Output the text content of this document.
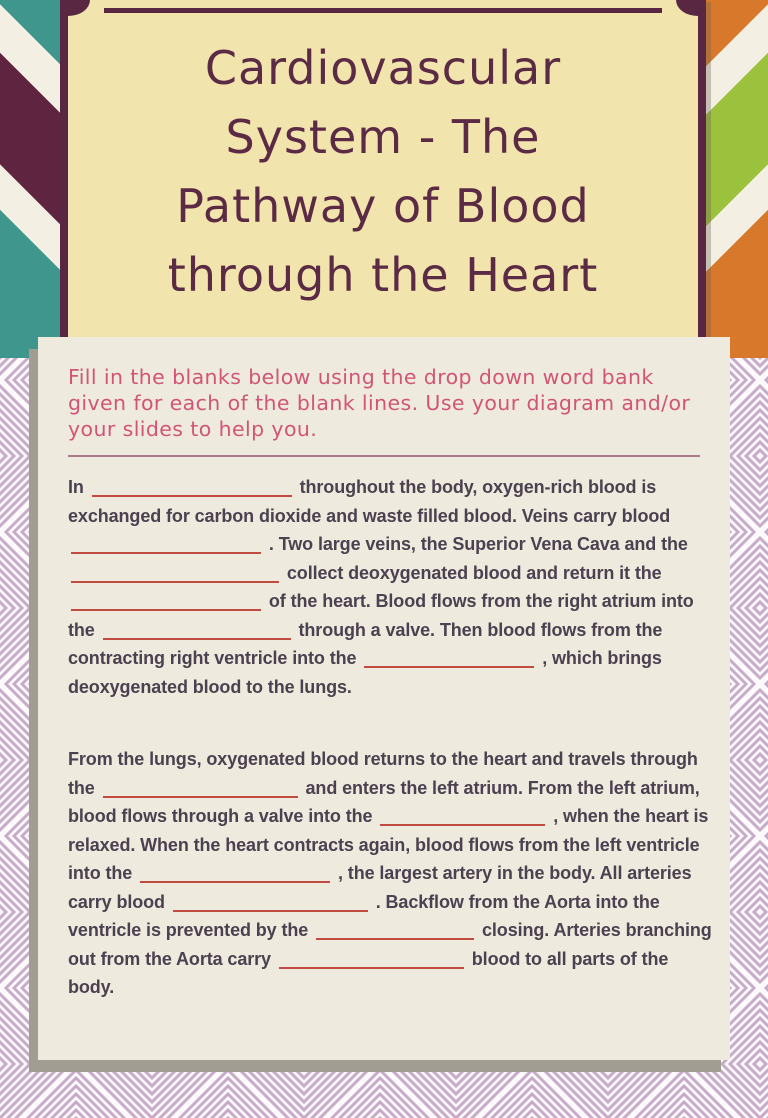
Cardiovascular
System - The
Pathway of Blood
through the Heart

Fill in the blanks below using the drop down word bank given for each of the blank lines. Use your diagram and/or your slides to help you.

In	throughout the body, oxygen-rich blood is exchanged for carbon dioxide and waste filled blood. Veins carry blood  . Two large veins, the Superior Vena Cava and the  collect deoxygenated blood and return it the  of the heart. Blood flows from the right atrium into the	through a valve. Then blood flows from the contracting right ventricle into the	, which brings deoxygenated blood to the lungs.
From the lungs, oxygenated blood returns to the heart and travels through the	and enters the left atrium. From the left atrium, blood flows through a valve into the	, when the heart is relaxed. When the heart contracts again, blood flows from the left ventricle into the	, the largest artery in the body. All arteries carry blood	. Backflow from the Aorta into the ventricle is prevented by the	closing. Arteries branching out from the Aorta carry	blood to all parts of the body.
